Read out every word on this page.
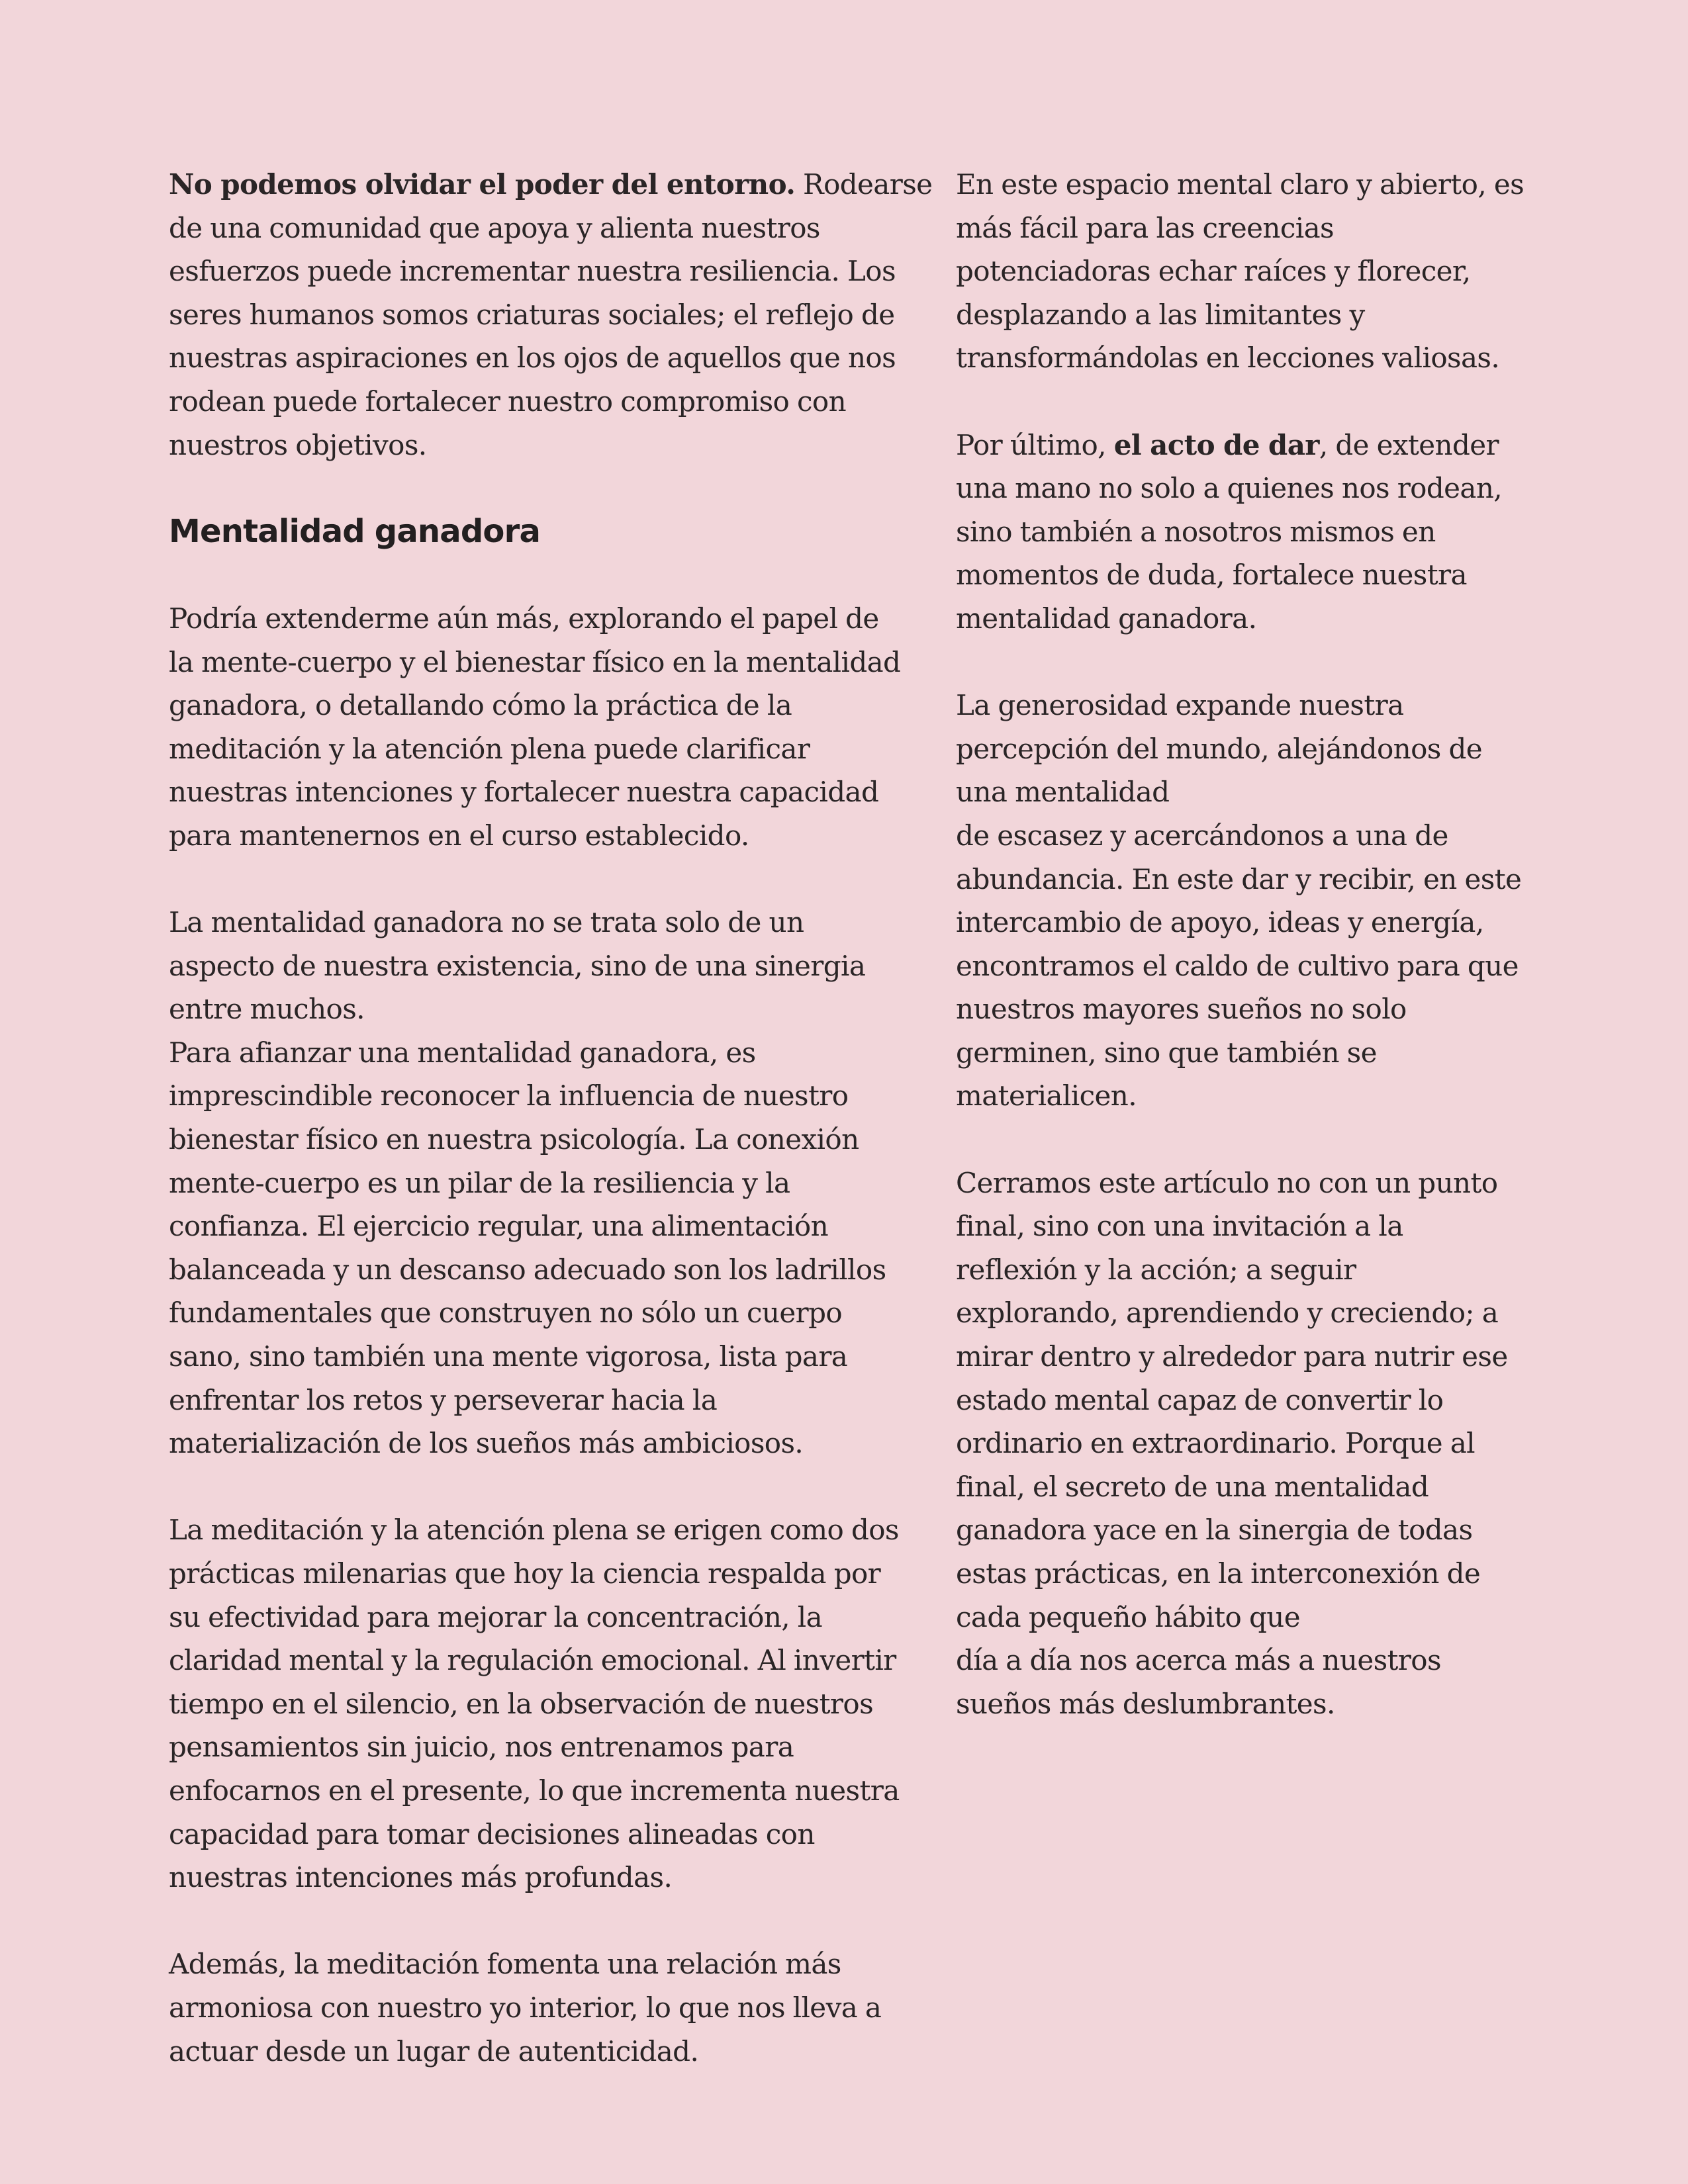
No podemos olvidar el poder del entorno. Rodearse
de una comunidad que apoya y alienta nuestros
esfuerzos puede incrementar nuestra resiliencia. Los
seres humanos somos criaturas sociales; el reflejo de
nuestras aspiraciones en los ojos de aquellos que nos
rodean puede fortalecer nuestro compromiso con
nuestros objetivos.
Mentalidad ganadora
Podría extenderme aún más, explorando el papel de
la mente-cuerpo y el bienestar físico en la mentalidad
ganadora, o detallando cómo la práctica de la
meditación y la atención plena puede clarificar
nuestras intenciones y fortalecer nuestra capacidad
para mantenernos en el curso establecido.
La mentalidad ganadora no se trata solo de un
aspecto de nuestra existencia, sino de una sinergia
entre muchos.
Para afianzar una mentalidad ganadora, es
imprescindible reconocer la influencia de nuestro
bienestar físico en nuestra psicología. La conexión
mente-cuerpo es un pilar de la resiliencia y la
confianza. El ejercicio regular, una alimentación
balanceada y un descanso adecuado son los ladrillos
fundamentales que construyen no sólo un cuerpo
sano, sino también una mente vigorosa, lista para
enfrentar los retos y perseverar hacia la
materialización de los sueños más ambiciosos.
La meditación y la atención plena se erigen como dos
prácticas milenarias que hoy la ciencia respalda por
su efectividad para mejorar la concentración, la
claridad mental y la regulación emocional. Al invertir
tiempo en el silencio, en la observación de nuestros
pensamientos sin juicio, nos entrenamos para
enfocarnos en el presente, lo que incrementa nuestra
capacidad para tomar decisiones alineadas con
nuestras intenciones más profundas.
Además, la meditación fomenta una relación más
armoniosa con nuestro yo interior, lo que nos lleva a
actuar desde un lugar de autenticidad.
En este espacio mental claro y abierto, es
más fácil para las creencias
potenciadoras echar raíces y florecer,
desplazando a las limitantes y
transformándolas en lecciones valiosas.
Por último, el acto de dar, de extender
una mano no solo a quienes nos rodean,
sino también a nosotros mismos en
momentos de duda, fortalece nuestra
mentalidad ganadora.
La generosidad expande nuestra
percepción del mundo, alejándonos de
una mentalidad
de escasez y acercándonos a una de
abundancia. En este dar y recibir, en este
intercambio de apoyo, ideas y energía,
encontramos el caldo de cultivo para que
nuestros mayores sueños no solo
germinen, sino que también se
materialicen.
Cerramos este artículo no con un punto
final, sino con una invitación a la
reflexión y la acción; a seguir
explorando, aprendiendo y creciendo; a
mirar dentro y alrededor para nutrir ese
estado mental capaz de convertir lo
ordinario en extraordinario. Porque al
final, el secreto de una mentalidad
ganadora yace en la sinergia de todas
estas prácticas, en la interconexión de
cada pequeño hábito que
día a día nos acerca más a nuestros
sueños más deslumbrantes.
